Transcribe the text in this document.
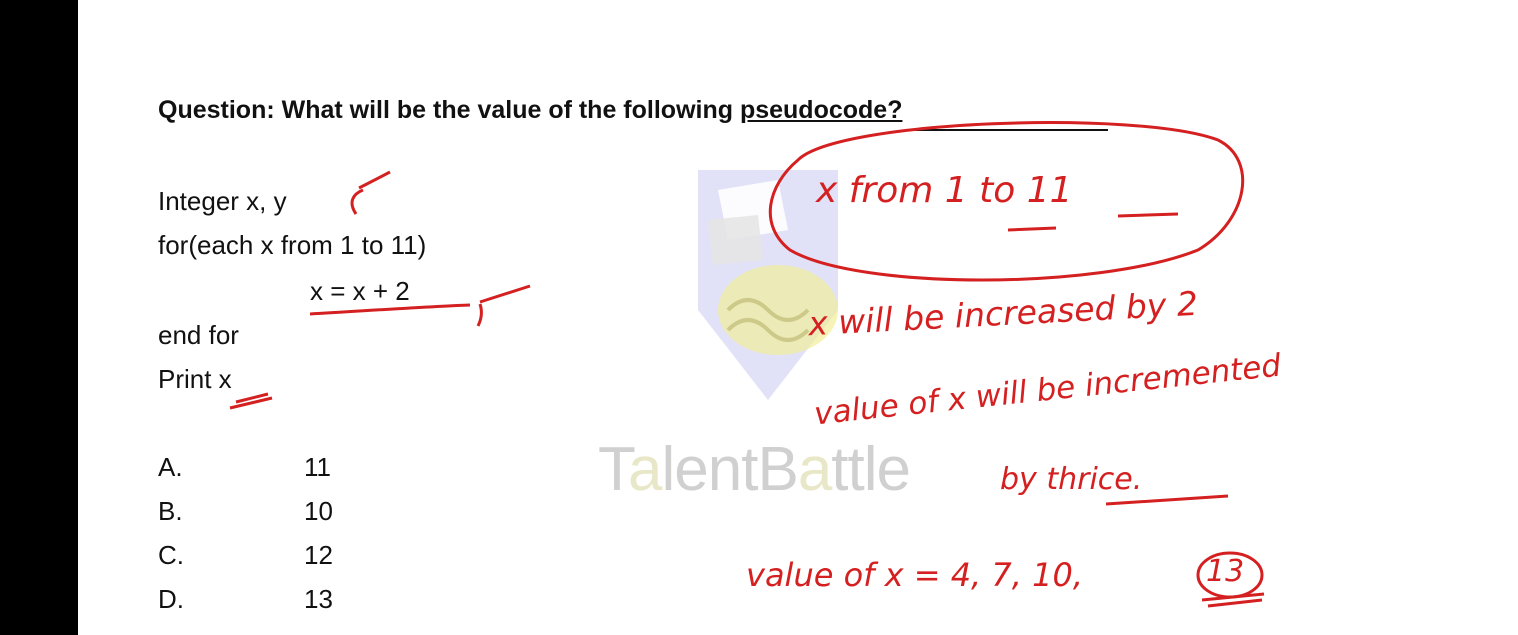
TalentBattle
Question: What will be the value of the following pseudocode?
Integer x, y
for(each x from 1 to 11)
x = x + 2
end for
Print x
A.	11
B.	10
C.	12
D.	13
x from 1 to 11
x will be increased by 2
value of x will be incremented
by thrice.
value of x = 4, 7, 10,	13
